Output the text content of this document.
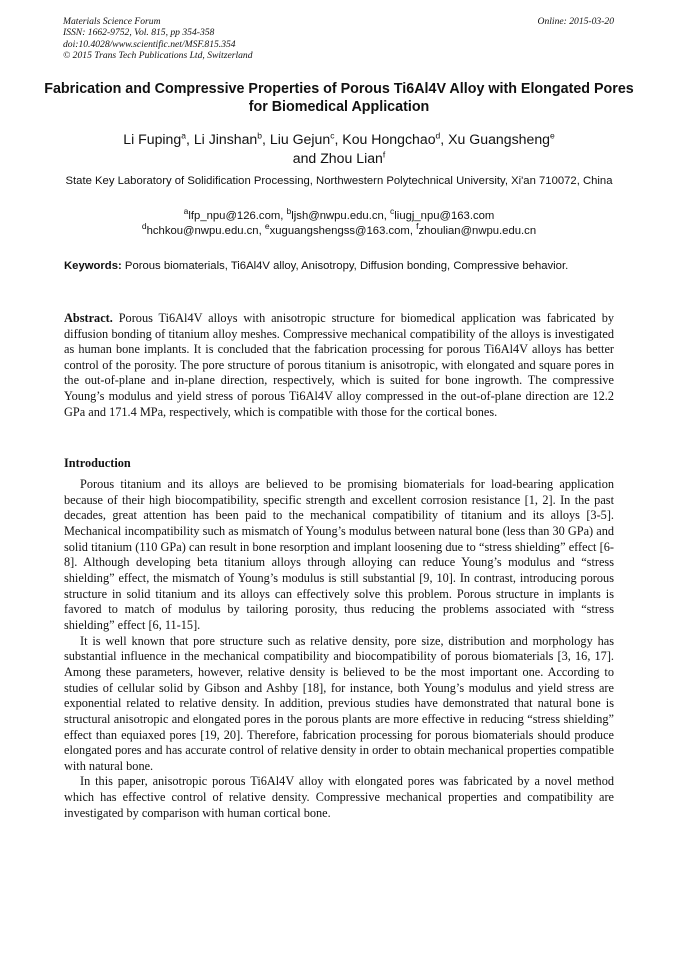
Materials Science Forum
ISSN: 1662-9752, Vol. 815, pp 354-358
doi:10.4028/www.scientific.net/MSF.815.354
© 2015 Trans Tech Publications Ltd, Switzerland
Online: 2015-03-20
Fabrication and Compressive Properties of Porous Ti6Al4V Alloy with Elongated Pores for Biomedical Application
Li Fuping$^a$, Li Jinshan$^b$, Liu Gejun$^c$, Kou Hongchao$^d$, Xu Guangsheng$^e$
and Zhou Lian$^f$
State Key Laboratory of Solidification Processing, Northwestern Polytechnical University, Xi'an 710072, China
$^a$lfp_npu@126.com, $^b$ljsh@nwpu.edu.cn, $^c$liugj_npu@163.com
$^d$hchkou@nwpu.edu.cn, $^e$xuguangshengss@163.com, $^f$zhoulian@nwpu.edu.cn
Keywords: Porous biomaterials, Ti6Al4V alloy, Anisotropy, Diffusion bonding, Compressive behavior.
Abstract. Porous Ti6Al4V alloys with anisotropic structure for biomedical application was fabricated by diffusion bonding of titanium alloy meshes. Compressive mechanical compatibility of the alloys is investigated as human bone implants. It is concluded that the fabrication processing for porous Ti6Al4V alloys has better control of the porosity. The pore structure of porous titanium is anisotropic, with elongated and square pores in the out-of-plane and in-plane direction, respectively, which is suited for bone ingrowth. The compressive Young’s modulus and yield stress of porous Ti6Al4V alloy compressed in the out-of-plane direction are 12.2 GPa and 171.4 MPa, respectively, which is compatible with those for the cortical bones.
Introduction

Porous titanium and its alloys are believed to be promising biomaterials for load-bearing application because of their high biocompatibility, specific strength and excellent corrosion resistance [1, 2]. In the past decades, great attention has been paid to the mechanical compatibility of titanium and its alloys [3-5]. Mechanical incompatibility such as mismatch of Young’s modulus between natural bone (less than 30 GPa) and solid titanium (110 GPa) can result in bone resorption and implant loosening due to “stress shielding” effect [6-8]. Although developing beta titanium alloys through alloying can reduce Young’s modulus and “stress shielding” effect, the mismatch of Young’s modulus is still substantial [9, 10]. In contrast, introducing porous structure in solid titanium and its alloys can effectively solve this problem. Porous structure in implants is favored to match of modulus by tailoring porosity, thus reducing the problems associated with “stress shielding” effect [6, 11-15].

It is well known that pore structure such as relative density, pore size, distribution and morphology has substantial influence in the mechanical compatibility and biocompatibility of porous biomaterials [3, 16, 17]. Among these parameters, however, relative density is believed to be the most important one. According to studies of cellular solid by Gibson and Ashby [18], for instance, both Young’s modulus and yield stress are exponential related to relative density. In addition, previous studies have demonstrated that natural bone is structural anisotropic and elongated pores in the porous plants are more effective in reducing “stress shielding” effect than equiaxed pores [19, 20]. Therefore, fabrication processing for porous biomaterials should produce elongated pores and has accurate control of relative density in order to obtain mechanical properties compatible with natural bone.

In this paper, anisotropic porous Ti6Al4V alloy with elongated pores was fabricated by a novel method which has effective control of relative density. Compressive mechanical properties and compatibility are investigated by comparison with human cortical bone.
